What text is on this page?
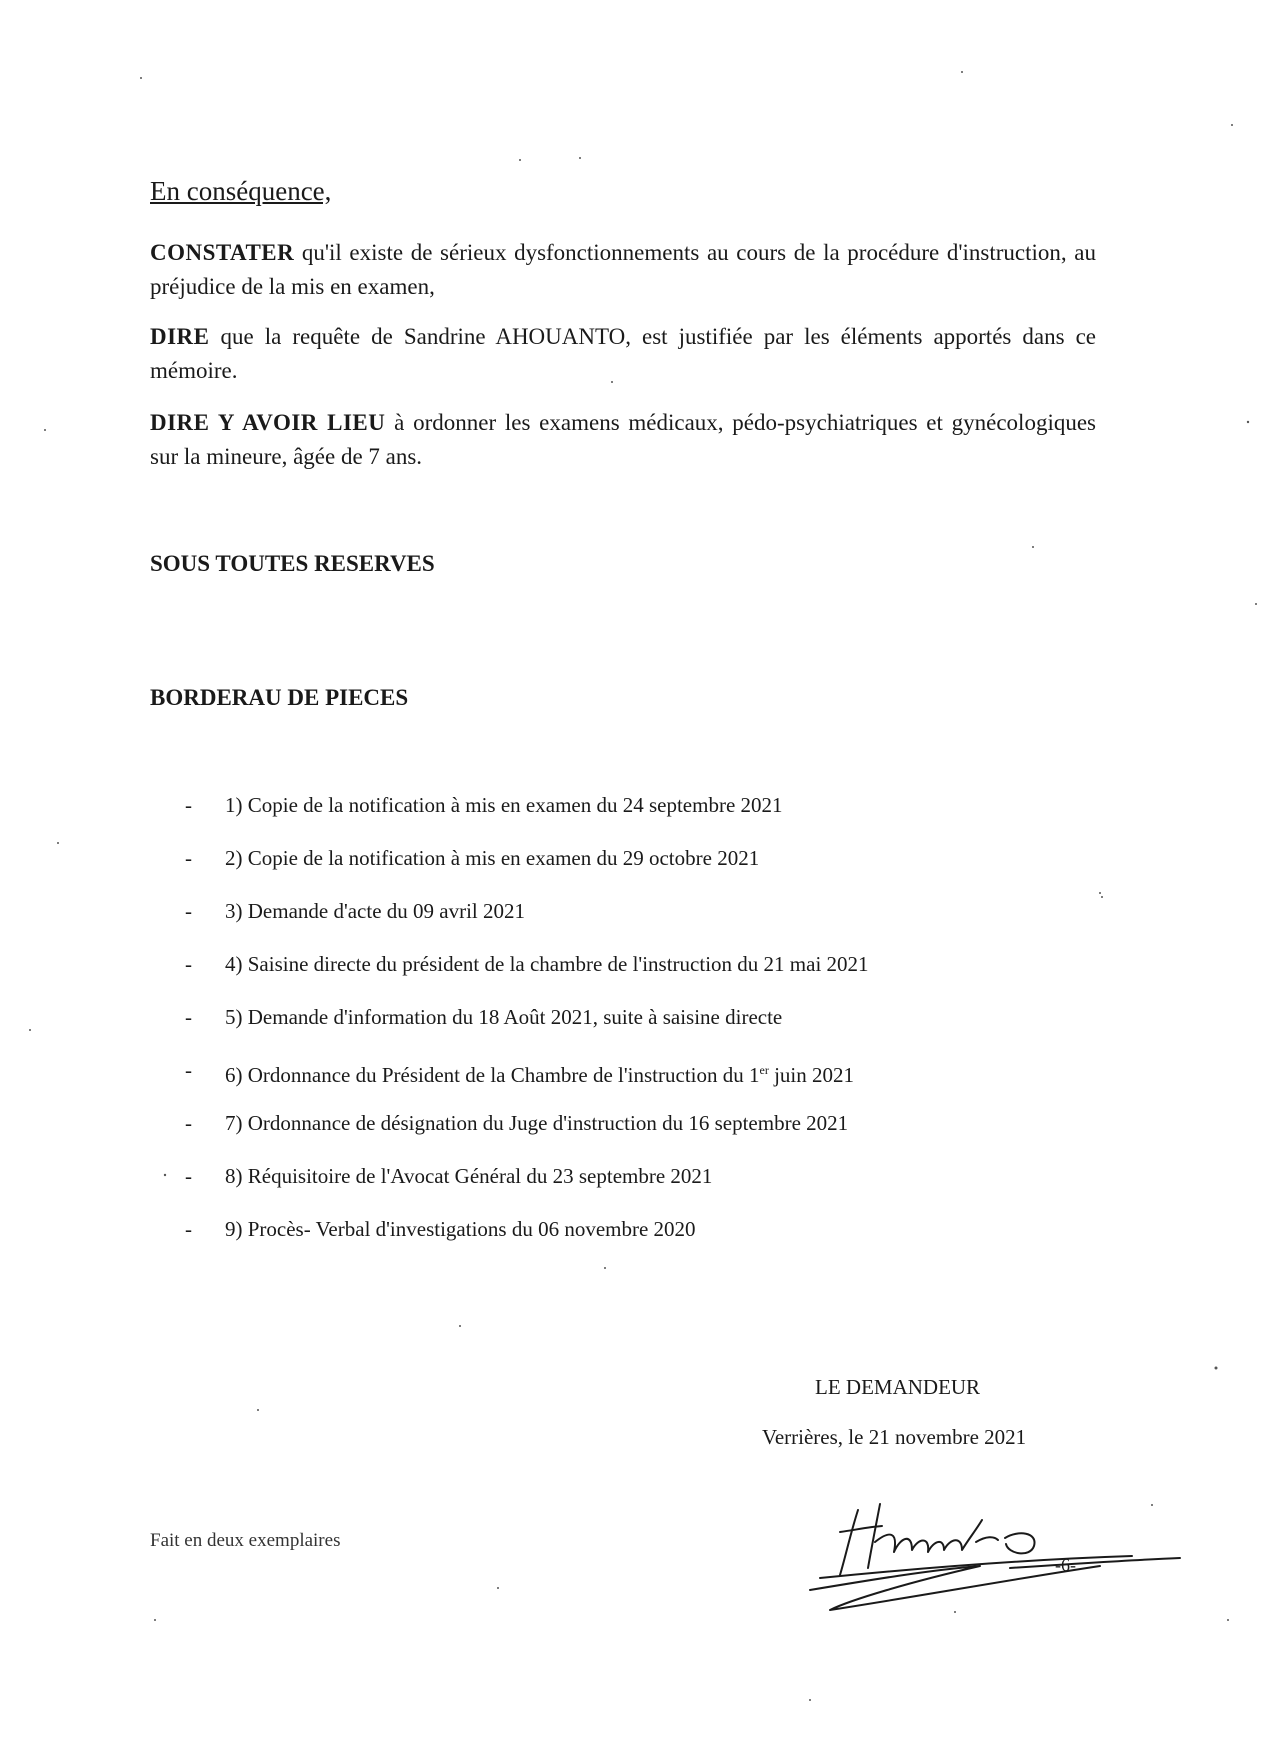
En conséquence,
CONSTATER qu'il existe de sérieux dysfonctionnements au cours de la procédure d'instruction, au préjudice de la mis en examen,
DIRE que la requête de Sandrine AHOUANTO, est justifiée par les éléments apportés dans ce mémoire.
DIRE Y AVOIR LIEU à ordonner les examens médicaux, pédo-psychiatriques et gynécologiques sur la mineure, âgée de 7 ans.
SOUS TOUTES RESERVES
BORDERAU DE PIECES
-	1) Copie de la notification à mis en examen du 24 septembre 2021
-	2) Copie de la notification à mis en examen du 29 octobre 2021
-	3) Demande d'acte du 09 avril 2021
-	4) Saisine directe du président de la chambre de l'instruction du 21 mai 2021
-	5) Demande d'information du 18 Août 2021, suite à saisine directe
-	6) Ordonnance du Président de la Chambre de l'instruction du 1er juin 2021
-	7) Ordonnance de désignation du Juge d'instruction du 16 septembre 2021
-	8) Réquisitoire de l'Avocat Général du 23 septembre 2021
-	9) Procès- Verbal d'investigations du 06 novembre 2020
LE DEMANDEUR
Verrières, le 21 novembre 2021
Fait en deux exemplaires
-6-
